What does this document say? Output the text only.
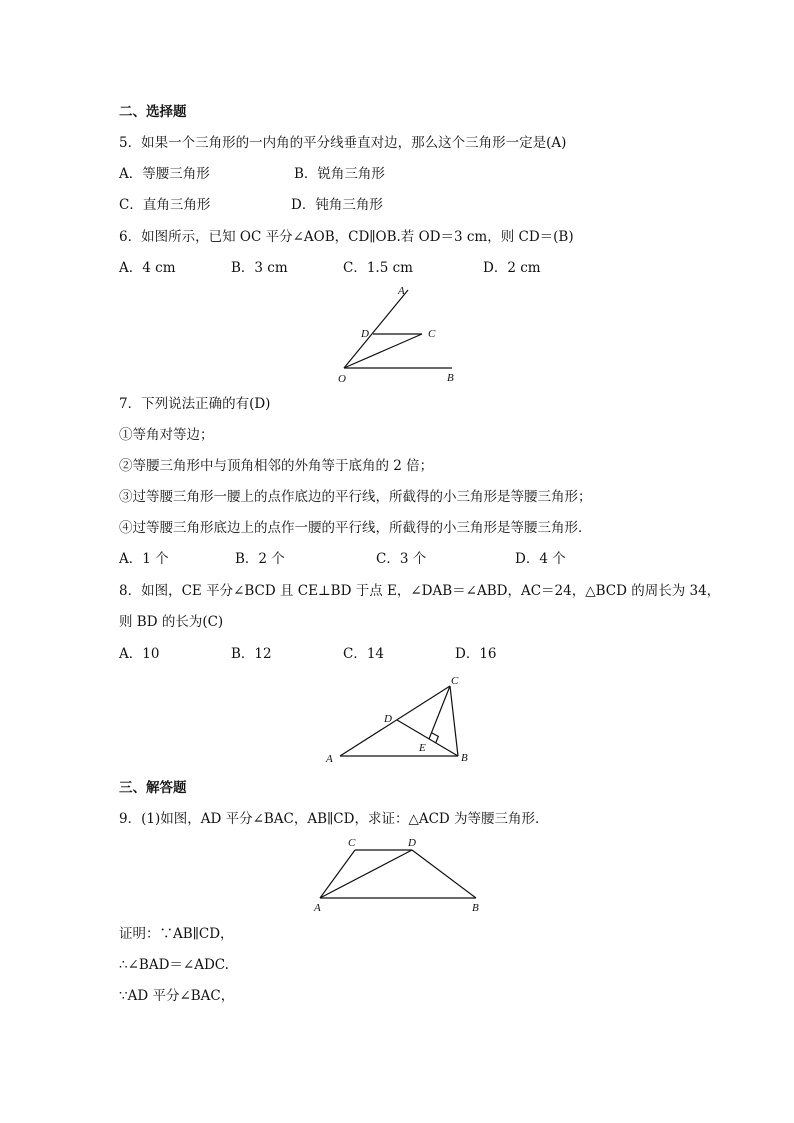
二、选择题
5．如果一个三角形的一内角的平分线垂直对边，那么这个三角形一定是(A)
A．等腰三角形	B．锐角三角形
C．直角三角形	D．钝角三角形
6．如图所示，已知 OC 平分∠AOB，CD∥OB.若 OD＝3 cm，则 CD＝(B)
A．4 cm	B．3 cm	C．1.5 cm	D．2 cm
A
D	C
O	B
7．下列说法正确的有(D)
①等角对等边；
②等腰三角形中与顶角相邻的外角等于底角的 2 倍；
③过等腰三角形一腰上的点作底边的平行线，所截得的小三角形是等腰三角形；
④过等腰三角形底边上的点作一腰的平行线，所截得的小三角形是等腰三角形．
A．1 个	B．2 个	C．3 个	D．4 个
8．如图，CE 平分∠BCD 且 CE⊥BD 于点 E，∠DAB＝∠ABD，AC＝24，△BCD 的周长为 34，
则 BD 的长为(C)
A．10	B．12	C．14	D．16
C
D
E
A	B
三、解答题
9．(1)如图，AD 平分∠BAC，AB∥CD，求证：△ACD 为等腰三角形．
C	D
A	B
证明：∵AB∥CD，
∴∠BAD＝∠ADC.
∵AD 平分∠BAC，
